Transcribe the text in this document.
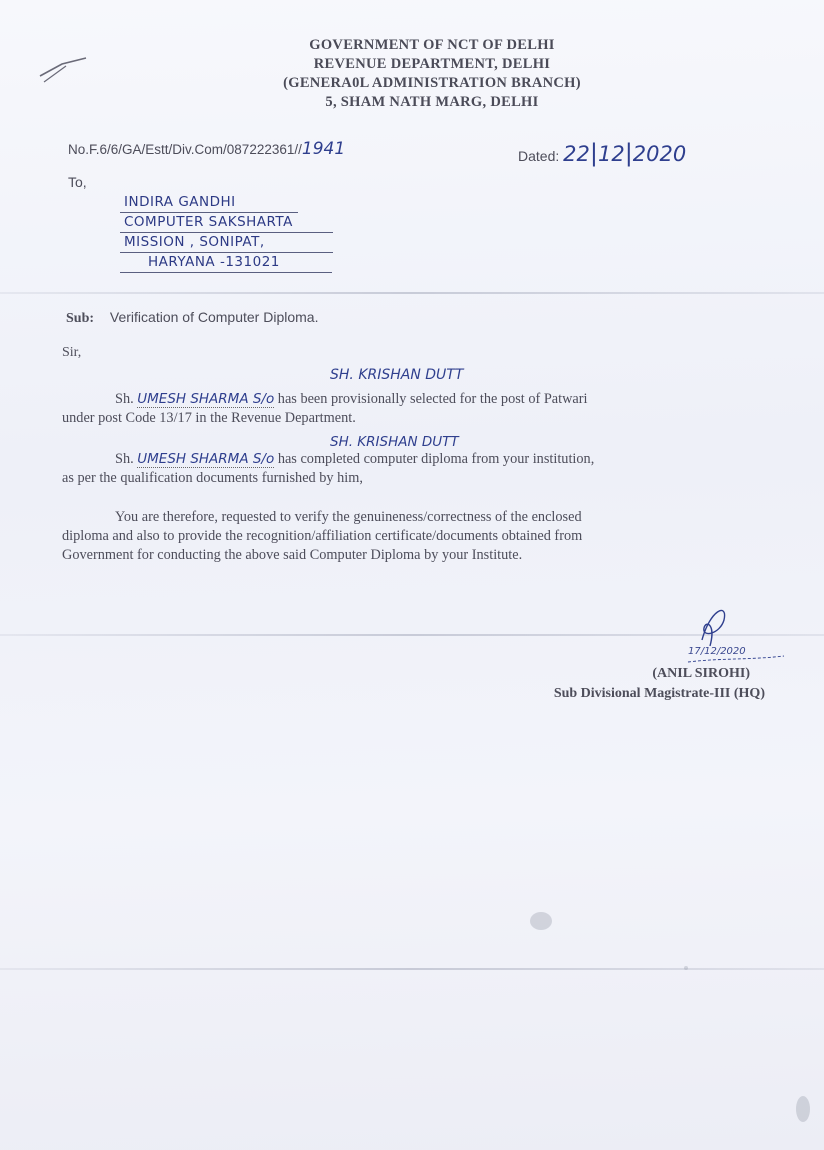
GOVERNMENT OF NCT OF DELHI
REVENUE DEPARTMENT, DELHI
(GENERA0L ADMINISTRATION BRANCH)
5, SHAM NATH MARG, DELHI
No.F.6/6/GA/Estt/Div.Com/087222361//1941	Dated: 22|12|2020
To,
INDIRA GANDHI
COMPUTER SAKSHARTA
MISSION , SONIPAT,
HARYANA -131021
Sub: Verification of Computer Diploma.
Sir,
SH. KRISHAN DUTT
Sh. UMESH SHARMA S/o has been provisionally selected for the post of Patwari
under post Code 13/17 in the Revenue Department.
SH. KRISHAN DUTT
Sh. UMESH SHARMA S/o has completed computer diploma from your institution,
as per the qualification documents furnished by him,
You are therefore, requested to verify the genuineness/correctness of the enclosed
diploma and also to provide the recognition/affiliation certificate/documents obtained from
Government for conducting the above said Computer Diploma by your Institute.
17/12/2020
(ANIL SIROHI)
Sub Divisional Magistrate-III (HQ)
